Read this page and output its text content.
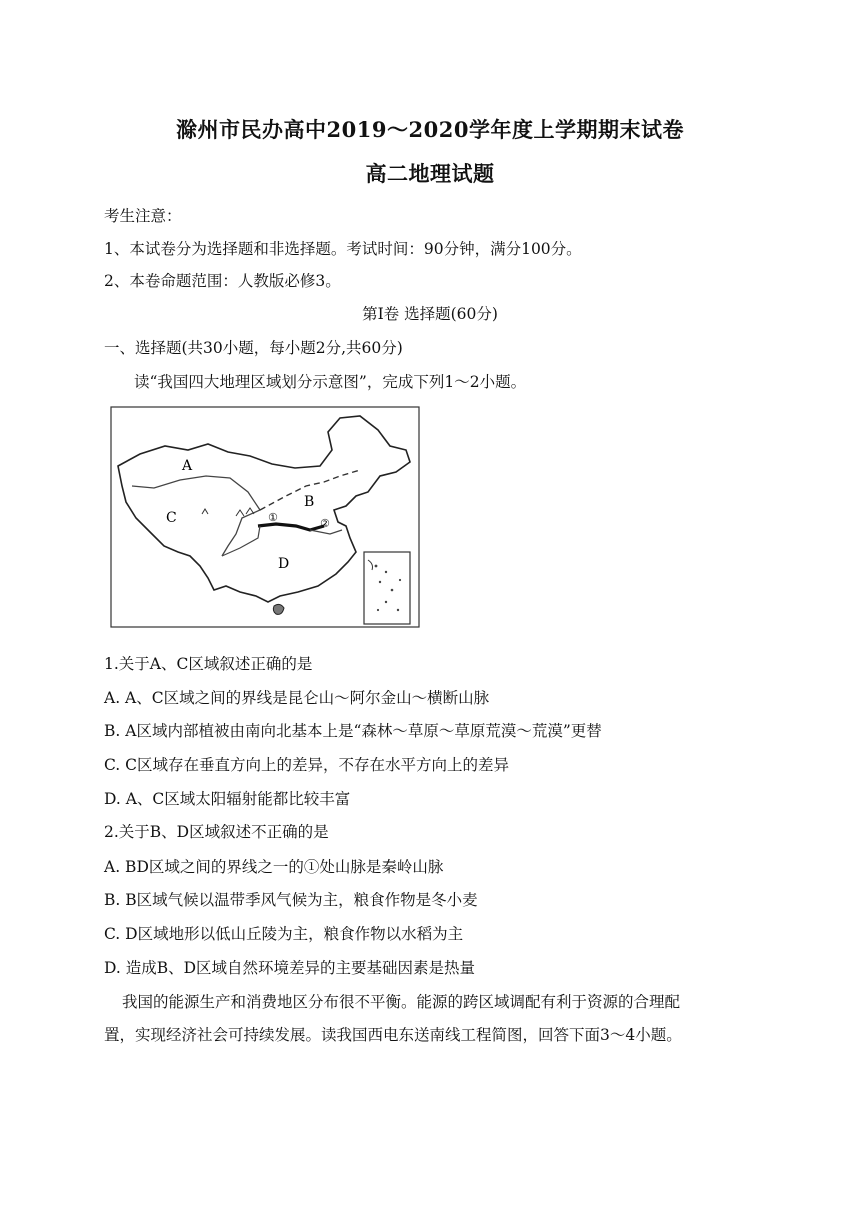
滁州市民办高中2019～2020学年度上学期期末试卷
高二地理试题
考生注意：
1、本试卷分为选择题和非选择题。考试时间：90分钟，满分100分。
2、本卷命题范围：人教版必修3。
第I卷 选择题(60分)
一、选择题(共30小题，每小题2分,共60分)
读“我国四大地理区域划分示意图”，完成下列1～2小题。
A
C
B
D
①	②
1.关于A、C区域叙述正确的是
A. A、C区域之间的界线是昆仑山～阿尔金山～横断山脉
B. A区域内部植被由南向北基本上是“森林～草原～草原荒漠～荒漠”更替
C. C区域存在垂直方向上的差异，不存在水平方向上的差异
D. A、C区域太阳辐射能都比较丰富
2.关于B、D区域叙述不正确的是
A. BD区域之间的界线之一的①处山脉是秦岭山脉
B. B区域气候以温带季风气候为主，粮食作物是冬小麦
C. D区域地形以低山丘陵为主，粮食作物以水稻为主
D. 造成B、D区域自然环境差异的主要基础因素是热量
我国的能源生产和消费地区分布很不平衡。能源的跨区域调配有利于资源的合理配
置，实现经济社会可持续发展。读我国西电东送南线工程简图，回答下面3～4小题。
